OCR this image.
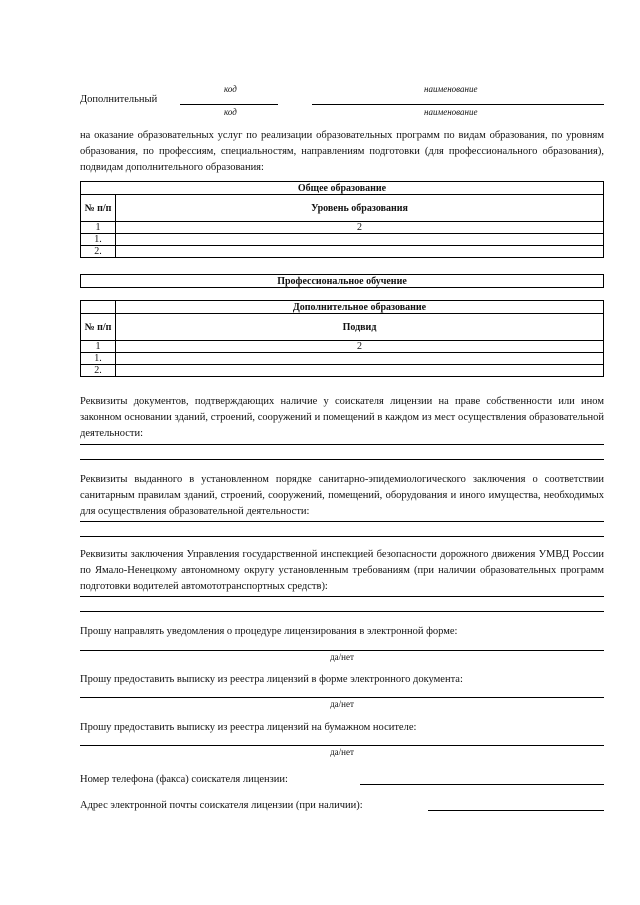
код	наименование
Дополнительный
код	наименование
на оказание образовательных услуг по реализации образовательных программ по видам образования, по уровням образования, по профессиям, специальностям, направлениям подготовки (для профессионального образования), подвидам дополнительного образования:
Общее образование	
№ п/п	Уровень образования
1	2
1.	
2.	
Профессиональное обучение
	Дополнительное образование
№ п/п	Подвид
1	2
1.	
2.	
Реквизиты документов, подтверждающих наличие у соискателя лицензии на праве собственности или ином законном основании зданий, строений, сооружений и помещений в каждом из мест осуществления образовательной деятельности:
Реквизиты выданного в установленном порядке санитарно-эпидемиологического заключения о соответствии санитарным правилам зданий, строений, сооружений, помещений, оборудования и иного имущества, необходимых для осуществления образовательной деятельности:
Реквизиты заключения Управления государственной инспекцией безопасности дорожного движения УМВД России по Ямало-Ненецкому автономному округу установленным требованиям (при наличии образовательных программ подготовки водителей автомототранспортных средств):
Прошу направлять уведомления о процедуре лицензирования в электронной форме:
да/нет
Прошу предоставить выписку из реестра лицензий в форме электронного документа:
да/нет
Прошу предоставить выписку из реестра лицензий на бумажном носителе:
да/нет
Номер телефона (факса) соискателя лицензии:
Адрес электронной почты соискателя лицензии (при наличии):
